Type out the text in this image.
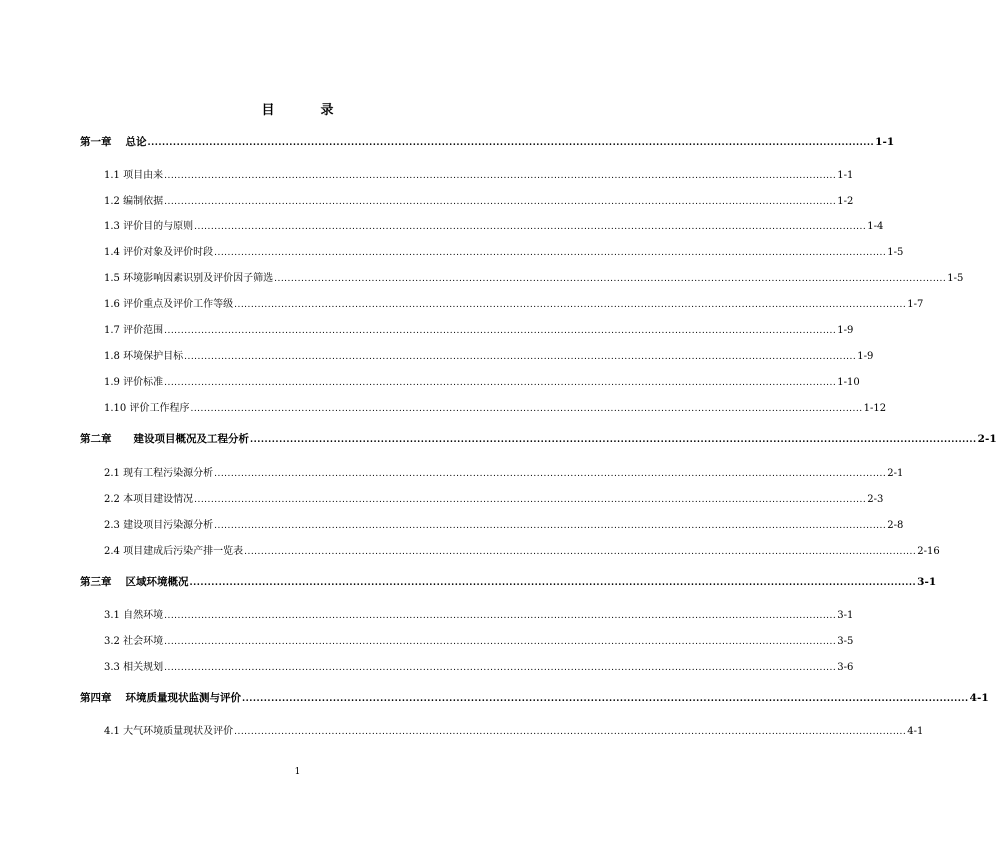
目	录
第一章 总论 ........................................................................................................................................................................................................ 1-1
1.1 项目由来 ........................................................................................................................................................................................................ 1-1
1.2 编制依据 ........................................................................................................................................................................................................ 1-2
1.3 评价目的与原则 ........................................................................................................................................................................................................ 1-4
1.4 评价对象及评价时段 ........................................................................................................................................................................................................ 1-5
1.5 环境影响因素识别及评价因子筛选 ........................................................................................................................................................................................................ 1-5
1.6 评价重点及评价工作等级 ........................................................................................................................................................................................................ 1-7
1.7 评价范围 ........................................................................................................................................................................................................ 1-9
1.8 环境保护目标 ........................................................................................................................................................................................................ 1-9
1.9 评价标准 ........................................................................................................................................................................................................ 1-10
1.10 评价工作程序 ........................................................................................................................................................................................................ 1-12
第二章 建设项目概况及工程分析 ........................................................................................................................................................................................................ 2-1
2.1 现有工程污染源分析 ........................................................................................................................................................................................................ 2-1
2.2 本项目建设情况 ........................................................................................................................................................................................................ 2-3
2.3 建设项目污染源分析 ........................................................................................................................................................................................................ 2-8
2.4 项目建成后污染产排一览表 ........................................................................................................................................................................................................ 2-16
第三章 区域环境概况 ........................................................................................................................................................................................................ 3-1
3.1 自然环境 ........................................................................................................................................................................................................ 3-1
3.2 社会环境 ........................................................................................................................................................................................................ 3-5
3.3 相关规划 ........................................................................................................................................................................................................ 3-6
第四章 环境质量现状监测与评价 ........................................................................................................................................................................................................ 4-1
4.1 大气环境质量现状及评价 ........................................................................................................................................................................................................ 4-1
1
